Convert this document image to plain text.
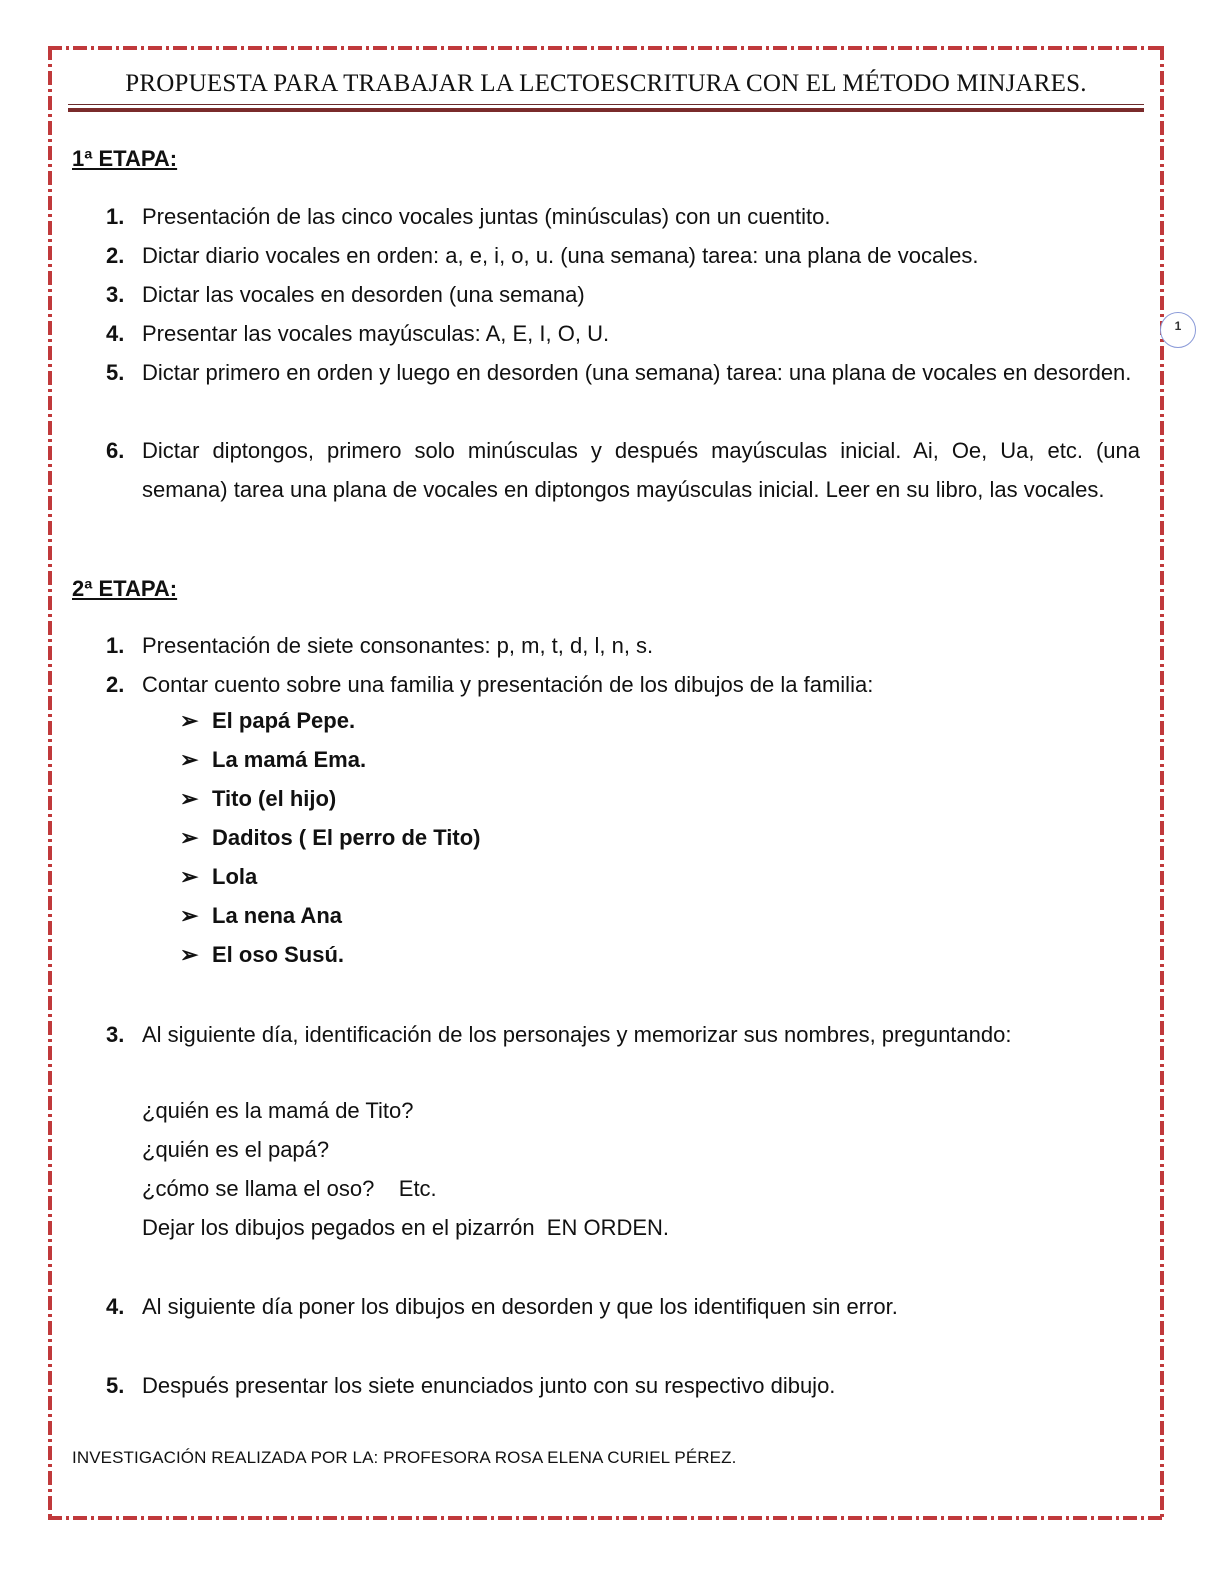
PROPUESTA PARA TRABAJAR LA LECTOESCRITURA CON EL MÉTODO MINJARES.
1
1ª ETAPA:
1. Presentación de las cinco vocales juntas (minúsculas) con un cuentito.
2. Dictar diario vocales en orden: a, e, i, o, u. (una semana) tarea: una plana de vocales.
3. Dictar las vocales en desorden (una semana)
4. Presentar las vocales mayúsculas: A, E, I, O, U.
5. Dictar primero en orden y luego en desorden (una semana) tarea: una plana de vocales en desorden.
6. Dictar diptongos, primero solo minúsculas y después mayúsculas inicial. Ai, Oe, Ua, etc. (una semana) tarea una plana de vocales en diptongos mayúsculas inicial. Leer en su libro, las vocales.
2ª ETAPA:
1. Presentación de siete consonantes: p, m, t, d, l, n, s.
2. Contar cuento sobre una familia y presentación de los dibujos de la familia:
➢ El papá Pepe.
➢ La mamá Ema.
➢ Tito (el hijo)
➢ Daditos ( El perro de Tito)
➢ Lola
➢ La nena Ana
➢ El oso Susú.
3. Al siguiente día, identificación de los personajes y memorizar sus nombres, preguntando:
¿quién es la mamá de Tito?
¿quién es el papá?
¿cómo se llama el oso?    Etc.
Dejar los dibujos pegados en el pizarrón  EN ORDEN.
4. Al siguiente día poner los dibujos en desorden y que los identifiquen sin error.
5. Después presentar los siete enunciados junto con su respectivo dibujo.
INVESTIGACIÓN REALIZADA POR LA: PROFESORA ROSA ELENA CURIEL PÉREZ.
